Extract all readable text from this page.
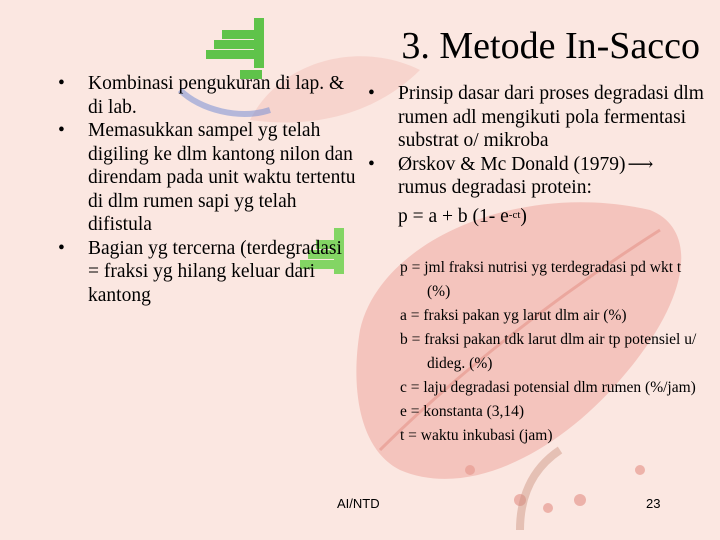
3. Metode In-Sacco
• Kombinasi pengukuran di lap. & di lab.
• Memasukkan sampel yg telah digiling ke dlm kantong nilon dan direndam pada unit waktu tertentu di dlm rumen sapi yg telah difistula
• Bagian yg tercerna (terdegradasi = fraksi yg hilang keluar dari kantong
• Prinsip dasar dari proses degradasi dlm rumen adl mengikuti pola fermentasi substrat o/ mikroba
• Ørskov & Mc Donald (1979) ⟶
rumus degradasi protein:
p = a + b (1- $e^{-ct}$)
p = jml fraksi nutrisi yg terdegradasi pd wkt t (%)
a = fraksi pakan yg larut dlm air (%)
b = fraksi pakan tdk larut dlm air tp potensiel u/ dideg. (%)
c = laju degradasi potensial dlm rumen (%/jam)
e = konstanta (3,14)
t = waktu inkubasi (jam)
AI/NTD	23
